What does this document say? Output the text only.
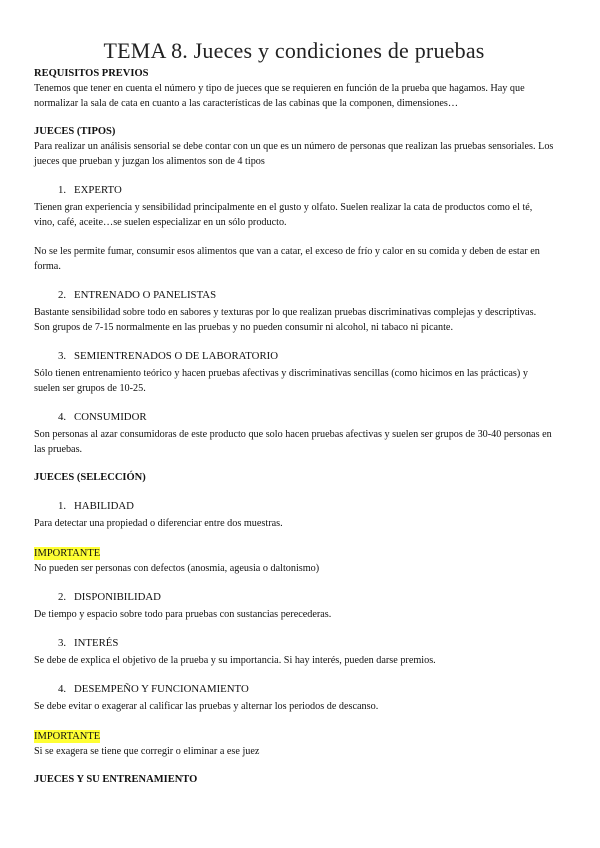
TEMA 8. Jueces y condiciones de pruebas
REQUISITOS PREVIOS

Tenemos que tener en cuenta el número y tipo de jueces que se requieren en función de la prueba que hagamos. Hay que normalizar la sala de cata en cuanto a las características de las cabinas que la componen, dimensiones…

JUECES (TIPOS)

Para realizar un análisis sensorial se debe contar con un que es un número de personas que realizan las pruebas sensoriales. Los jueces que prueban y juzgan los alimentos son de 4 tipos

1. EXPERTO

Tienen gran experiencia y sensibilidad principalmente en el gusto y olfato. Suelen realizar la cata de productos como el té, vino, café, aceite…se suelen especializar en un sólo producto.

No se les permite fumar, consumir esos alimentos que van a catar, el exceso de frío y calor en su comida y deben de estar en forma.

2. ENTRENADO O PANELISTAS

Bastante sensibilidad sobre todo en sabores y texturas por lo que realizan pruebas discriminativas complejas y descriptivas. Son grupos de 7-15 normalmente en las pruebas y no pueden consumir ni alcohol, ni tabaco ni picante.

3. SEMIENTRENADOS O DE LABORATORIO

Sólo tienen entrenamiento teórico y hacen pruebas afectivas y discriminativas sencillas (como hicimos en las prácticas) y suelen ser grupos de 10-25.

4. CONSUMIDOR

Son personas al azar consumidoras de este producto que solo hacen pruebas afectivas y suelen ser grupos de 30-40 personas en las pruebas.

JUECES (SELECCIÓN)
1. HABILIDAD

Para detectar una propiedad o diferenciar entre dos muestras.

IMPORTANTE

No pueden ser personas con defectos (anosmia, ageusia o daltonismo)

2. DISPONIBILIDAD

De tiempo y espacio sobre todo para pruebas con sustancias perecederas.

3. INTERÉS

Se debe de explica el objetivo de la prueba y su importancia. Si hay interés, pueden darse premios.

4. DESEMPEÑO Y FUNCIONAMIENTO

Se debe evitar o exagerar al calificar las pruebas y alternar los periodos de descanso.

IMPORTANTE

Si se exagera se tiene que corregir o eliminar a ese juez

JUECES Y SU ENTRENAMIENTO
